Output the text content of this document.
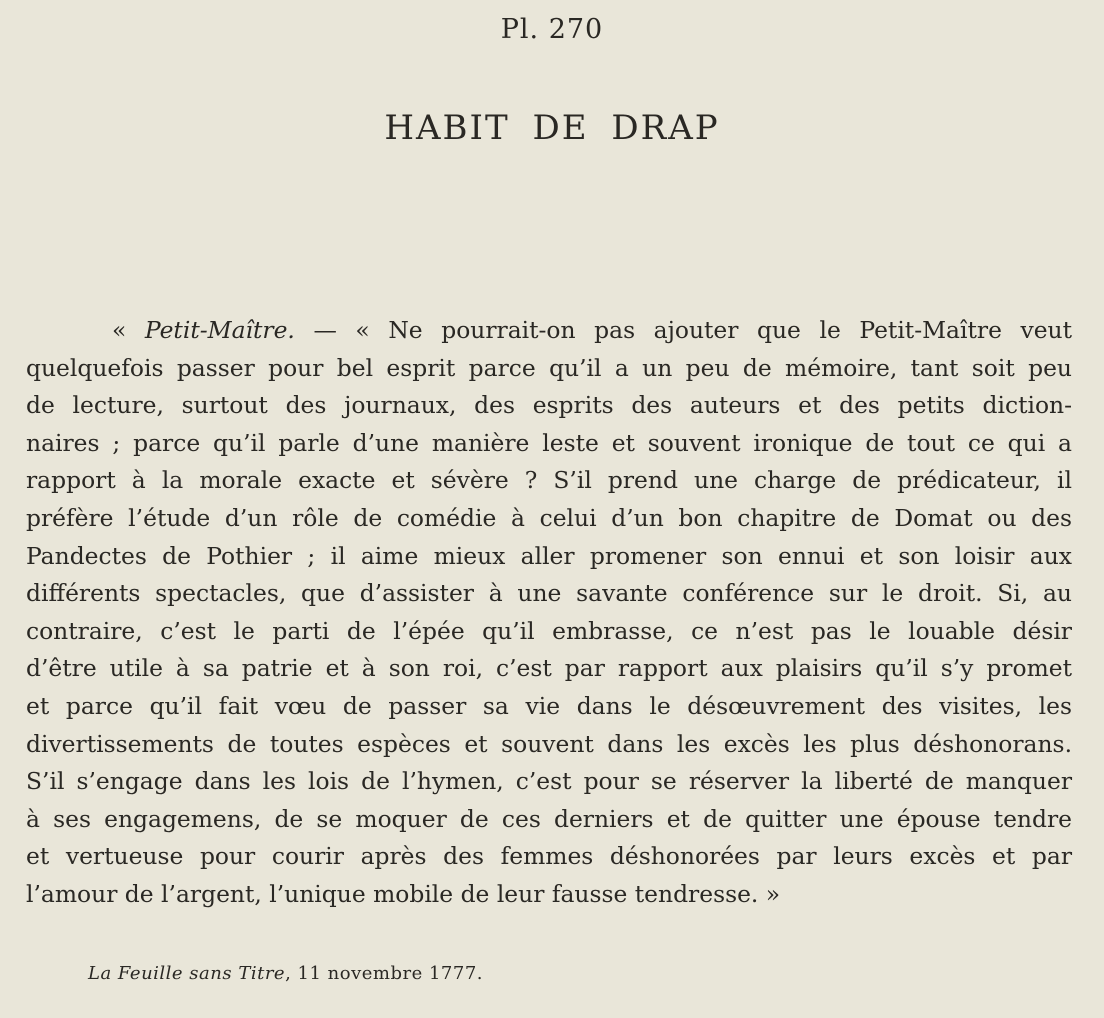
Pl. 270
HABIT DE DRAP
« Petit-Maître. — « Ne pourrait-on pas ajouter que le Petit-Maître veut
quelquefois passer pour bel esprit parce qu’il a un peu de mémoire, tant soit peu
de lecture, surtout des journaux, des esprits des auteurs et des petits diction-
naires ; parce qu’il parle d’une manière leste et souvent ironique de tout ce qui a
rapport à la morale exacte et sévère ? S’il prend une charge de prédicateur, il
préfère l’étude d’un rôle de comédie à celui d’un bon chapitre de Domat ou des
Pandectes de Pothier ; il aime mieux aller promener son ennui et son loisir aux
différents spectacles, que d’assister à une savante conférence sur le droit. Si, au
contraire, c’est le parti de l’épée qu’il embrasse, ce n’est pas le louable désir
d’être utile à sa patrie et à son roi, c’est par rapport aux plaisirs qu’il s’y promet
et parce qu’il fait vœu de passer sa vie dans le désœuvrement des visites, les
divertissements de toutes espèces et souvent dans les excès les plus déshonorans.
S’il s’engage dans les lois de l’hymen, c’est pour se réserver la liberté de manquer
à ses engagemens, de se moquer de ces derniers et de quitter une épouse tendre
et vertueuse pour courir après des femmes déshonorées par leurs excès et par
l’amour de l’argent, l’unique mobile de leur fausse tendresse. »
La Feuille sans Titre, 11 novembre 1777.
